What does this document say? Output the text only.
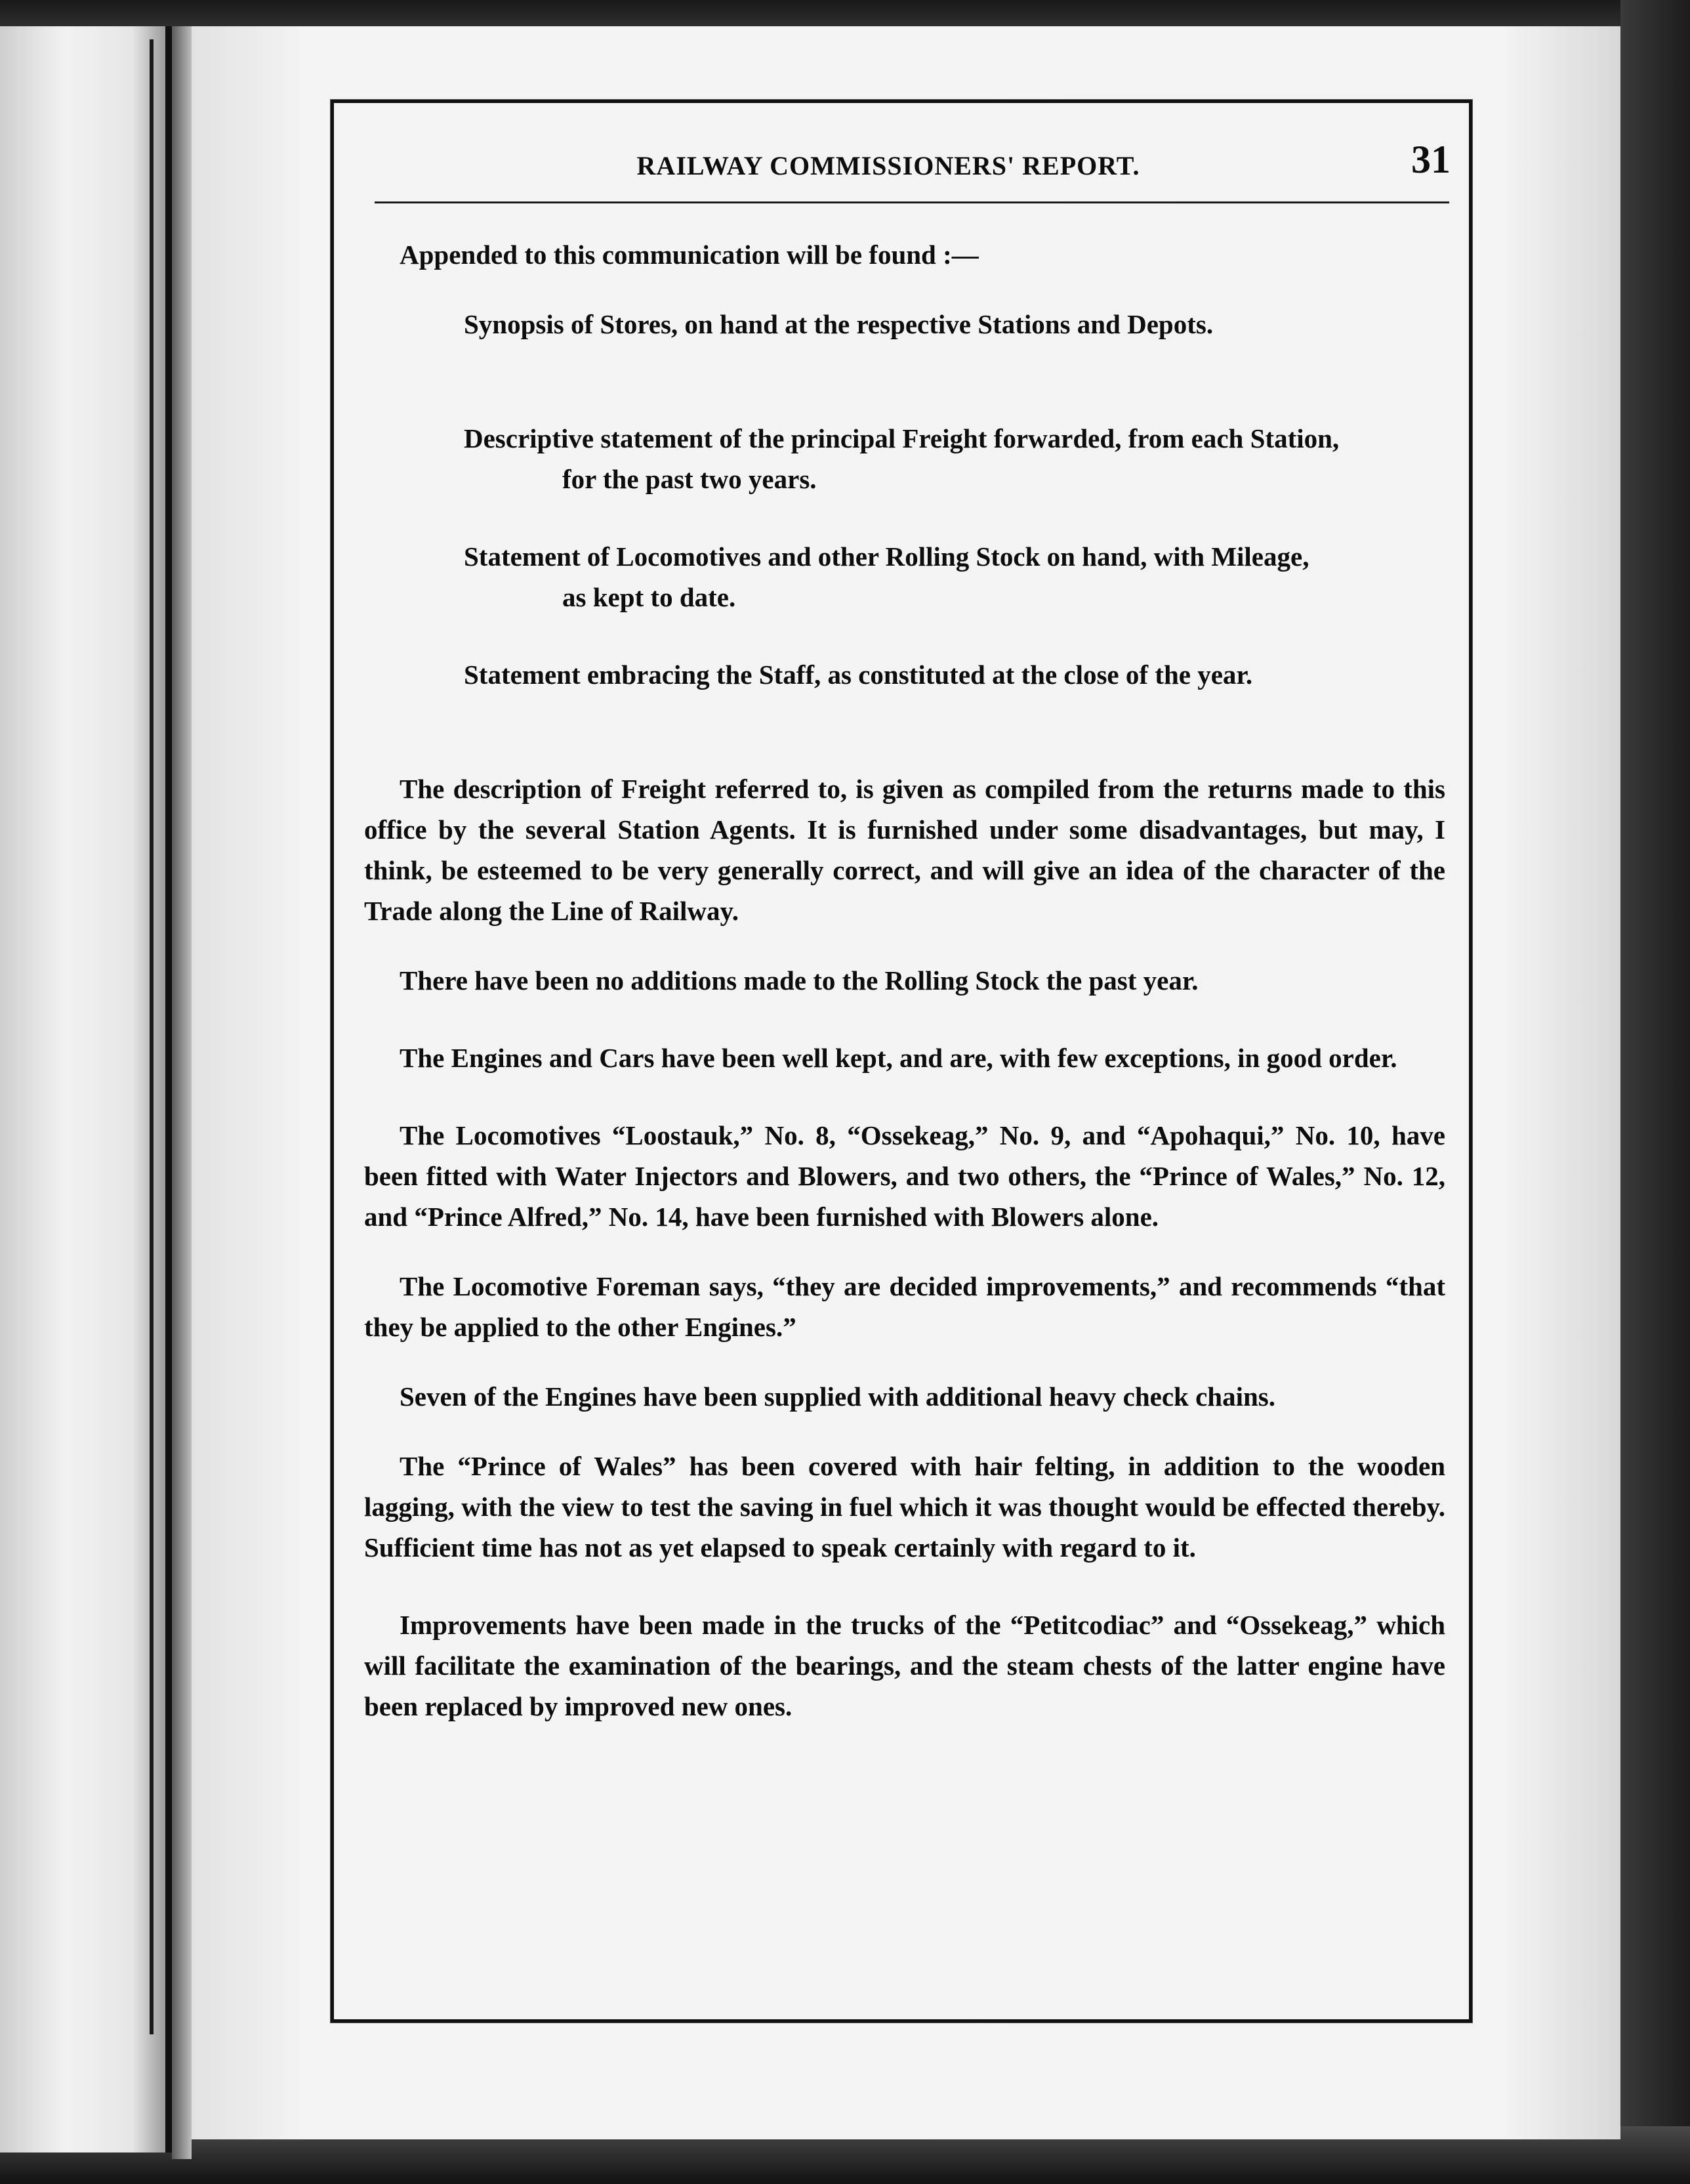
RAILWAY COMMISSIONERS' REPORT.	31

Appended to this communication will be found :—

Synopsis of Stores, on hand at the respective Stations and Depots.

Descriptive statement of the principal Freight forwarded, from each Station,
for the past two years.

Statement of Locomotives and other Rolling Stock on hand, with Mileage,
as kept to date.

Statement embracing the Staff, as constituted at the close of the year.

The description of Freight referred to, is given as compiled from the returns made to this office by the several Station Agents. It is furnished under some disadvantages, but may, I think, be esteemed to be very generally correct, and will give an idea of the character of the Trade along the Line of Railway.

There have been no additions made to the Rolling Stock the past year.

The Engines and Cars have been well kept, and are, with few exceptions, in good order.

The Locomotives “Loostauk,” No. 8, “Ossekeag,” No. 9, and “Apohaqui,” No. 10, have been fitted with Water Injectors and Blowers, and two others, the “Prince of Wales,” No. 12, and “Prince Alfred,” No. 14, have been furnished with Blowers alone.

The Locomotive Foreman says, “they are decided improvements,” and recommends “that they be applied to the other Engines.”

Seven of the Engines have been supplied with additional heavy check chains.

The “Prince of Wales” has been covered with hair felting, in addition to the wooden lagging, with the view to test the saving in fuel which it was thought would be effected thereby. Sufficient time has not as yet elapsed to speak certainly with regard to it.

Improvements have been made in the trucks of the “Petitcodiac” and “Ossekeag,” which will facilitate the examination of the bearings, and the steam chests of the latter engine have been replaced by improved new ones.
